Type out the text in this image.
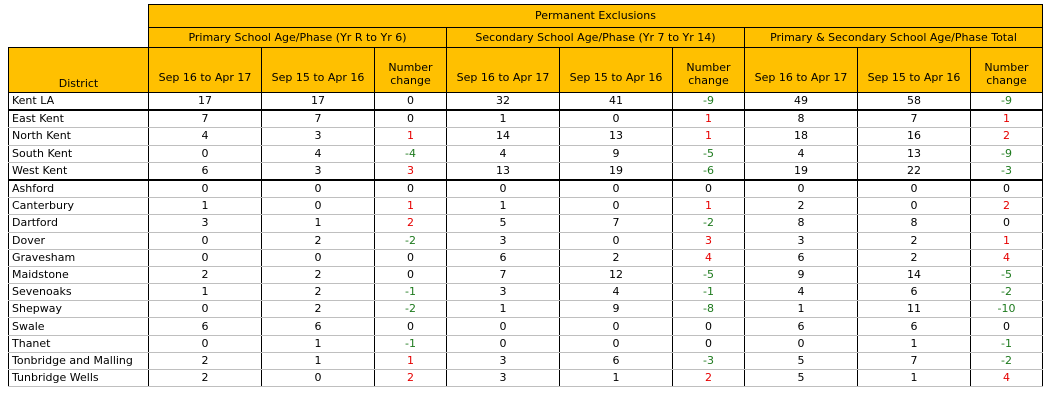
	Permanent Exclusions								
	Primary School Age/Phase (Yr R to Yr 6)			Secondary School Age/Phase (Yr 7 to Yr 14)			Primary & Secondary School Age/Phase Total		
District	Sep 16 to Apr 17	Sep 15 to Apr 16	Number change	Sep 16 to Apr 17	Sep 15 to Apr 16	Number change	Sep 16 to Apr 17	Sep 15 to Apr 16	Number change
Kent LA	17	17	0	32	41	-9	49	58	-9
East Kent	7	7	0	1	0	1	8	7	1
North Kent	4	3	1	14	13	1	18	16	2
South Kent	0	4	-4	4	9	-5	4	13	-9
West Kent	6	3	3	13	19	-6	19	22	-3
Ashford	0	0	0	0	0	0	0	0	0
Canterbury	1	0	1	1	0	1	2	0	2
Dartford	3	1	2	5	7	-2	8	8	0
Dover	0	2	-2	3	0	3	3	2	1
Gravesham	0	0	0	6	2	4	6	2	4
Maidstone	2	2	0	7	12	-5	9	14	-5
Sevenoaks	1	2	-1	3	4	-1	4	6	-2
Shepway	0	2	-2	1	9	-8	1	11	-10
Swale	6	6	0	0	0	0	6	6	0
Thanet	0	1	-1	0	0	0	0	1	-1
Tonbridge and Malling	2	1	1	3	6	-3	5	7	-2
Tunbridge Wells	2	0	2	3	1	2	5	1	4
